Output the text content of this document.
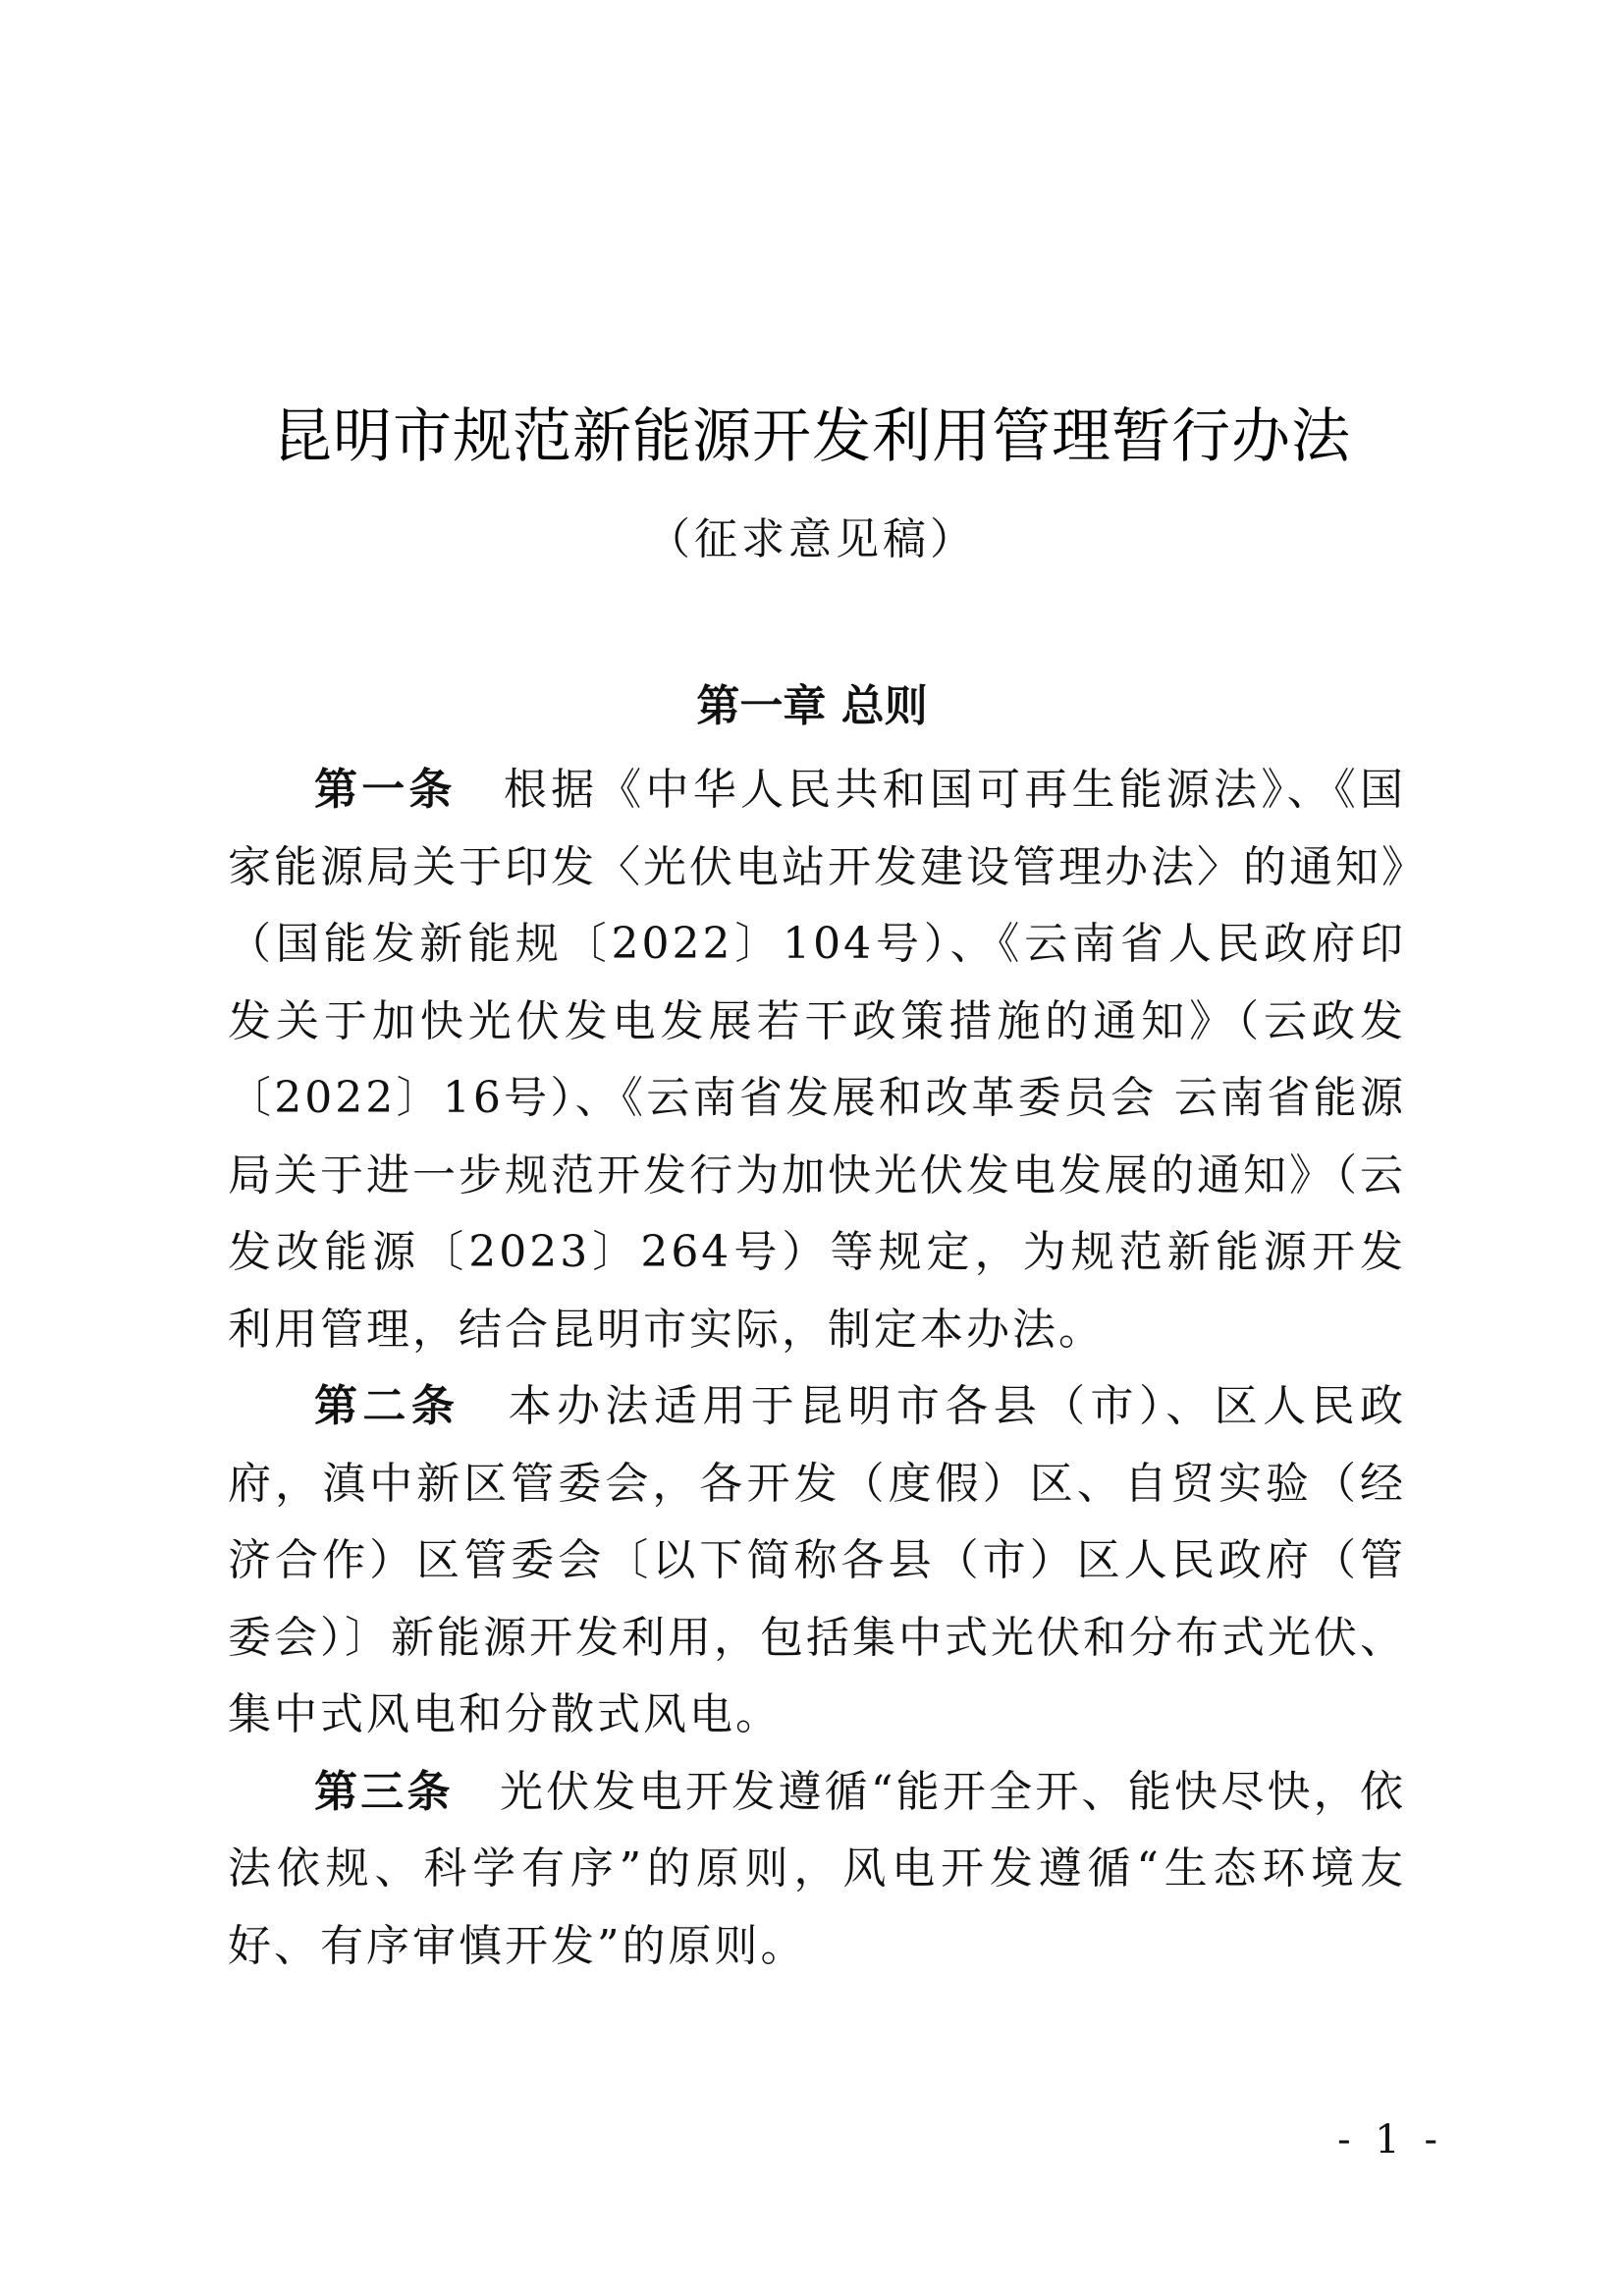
昆明市规范新能源开发利用管理暂行办法

（征求意见稿）

第一章 总则

第一条  根据《中华人民共和国可再生能源法》、《国家能源局关于印发〈光伏电站开发建设管理办法〉的通知》（国能发新能规〔2022〕104号）、《云南省人民政府印发关于加快光伏发电发展若干政策措施的通知》（云政发〔2022〕16号）、《云南省发展和改革委员会 云南省能源局关于进一步规范开发行为加快光伏发电发展的通知》（云发改能源〔2023〕264号）等规定，为规范新能源开发利用管理，结合昆明市实际，制定本办法。

第二条  本办法适用于昆明市各县（市）、区人民政府，滇中新区管委会，各开发（度假）区、自贸实验（经济合作）区管委会〔以下简称各县（市）区人民政府（管委会）〕新能源开发利用，包括集中式光伏和分布式光伏、集中式风电和分散式风电。

第三条  光伏发电开发遵循“能开全开、能快尽快，依法依规、科学有序”的原则，风电开发遵循“生态环境友好、有序审慎开发”的原则。

- 1 -
